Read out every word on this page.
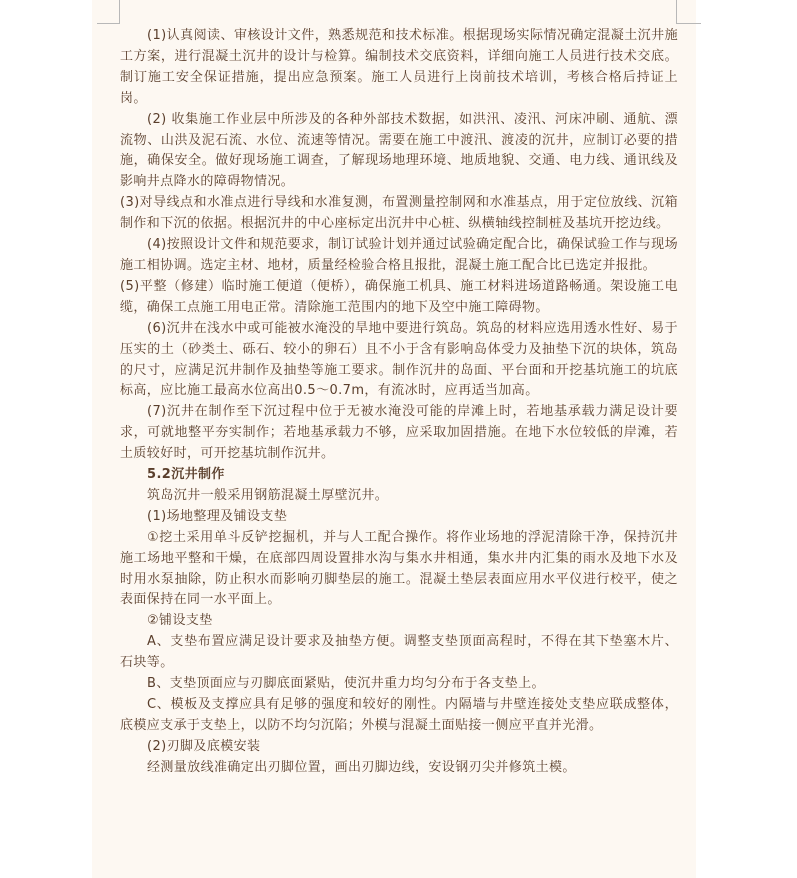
(1)认真阅读、审核设计文件，熟悉规范和技术标准。根据现场实际情况确定混凝土沉井施工方案，进行混凝土沉井的设计与检算。编制技术交底资料，详细向施工人员进行技术交底。制订施工安全保证措施，提出应急预案。施工人员进行上岗前技术培训，考核合格后持证上岗。

(2) 收集施工作业层中所涉及的各种外部技术数据，如洪汛、凌汛、河床冲刷、通航、漂流物、山洪及泥石流、水位、流速等情况。需要在施工中渡汛、渡凌的沉井，应制订必要的措施，确保安全。做好现场施工调查，了解现场地理环境、地质地貌、交通、电力线、通讯线及影响井点降水的障碍物情况。

(3)对导线点和水准点进行导线和水准复测，布置测量控制网和水准基点，用于定位放线、沉箱制作和下沉的依据。根据沉井的中心座标定出沉井中心桩、纵横轴线控制桩及基坑开挖边线。

(4)按照设计文件和规范要求，制订试验计划并通过试验确定配合比，确保试验工作与现场施工相协调。选定主材、地材，质量经检验合格且报批，混凝土施工配合比已选定并报批。

(5)平整（修建）临时施工便道（便桥），确保施工机具、施工材料进场道路畅通。架设施工电缆，确保工点施工用电正常。清除施工范围内的地下及空中施工障碍物。

(6)沉井在浅水中或可能被水淹没的旱地中要进行筑岛。筑岛的材料应选用透水性好、易于压实的土（砂类土、砾石、较小的卵石）且不小于含有影响岛体受力及抽垫下沉的块体，筑岛的尺寸，应满足沉井制作及抽垫等施工要求。制作沉井的岛面、平台面和开挖基坑施工的坑底标高，应比施工最高水位高出0.5～0.7m，有流冰时，应再适当加高。

(7)沉井在制作至下沉过程中位于无被水淹没可能的岸滩上时，若地基承载力满足设计要求，可就地整平夯实制作；若地基承载力不够，应采取加固措施。在地下水位较低的岸滩，若土质较好时，可开挖基坑制作沉井。

5.2沉井制作

筑岛沉井一般采用钢筋混凝土厚壁沉井。

(1)场地整理及铺设支垫

①挖土采用单斗反铲挖掘机，并与人工配合操作。将作业场地的浮泥清除干净，保持沉井施工场地平整和干燥，在底部四周设置排水沟与集水井相通，集水井内汇集的雨水及地下水及时用水泵抽除，防止积水而影响刃脚垫层的施工。混凝土垫层表面应用水平仪进行校平，使之表面保持在同一水平面上。

②铺设支垫

A、支垫布置应满足设计要求及抽垫方便。调整支垫顶面高程时，不得在其下垫塞木片、石块等。

B、支垫顶面应与刃脚底面紧贴，使沉井重力均匀分布于各支垫上。

C、模板及支撑应具有足够的强度和较好的刚性。内隔墙与井壁连接处支垫应联成整体，底模应支承于支垫上，以防不均匀沉陷；外模与混凝土面贴接一侧应平直并光滑。

(2)刃脚及底模安装

经测量放线准确定出刃脚位置，画出刃脚边线，安设钢刃尖并修筑土模。
